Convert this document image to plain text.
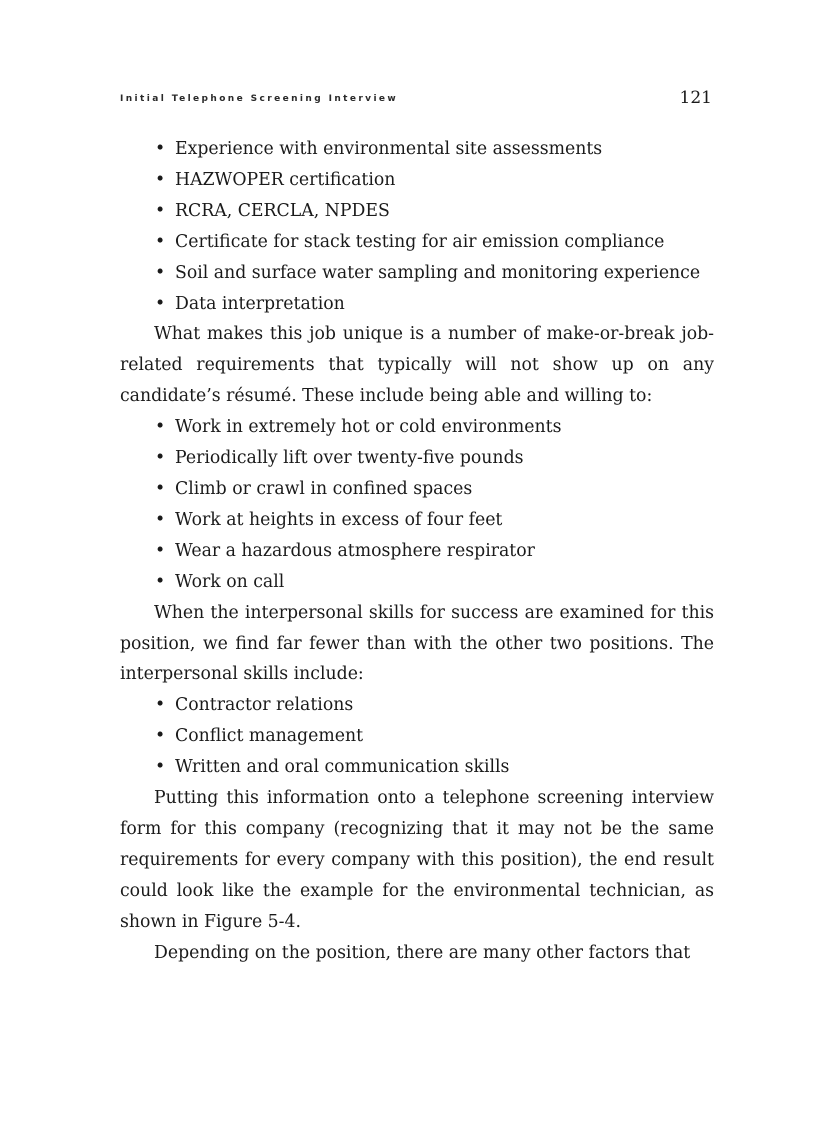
Initial Telephone Screening Interview	121
• Experience with environmental site assessments
• HAZWOPER certification
• RCRA, CERCLA, NPDES
• Certificate for stack testing for air emission compliance
• Soil and surface water sampling and monitoring experience
• Data interpretation

What makes this job unique is a number of make-or-break job-related requirements that typically will not show up on any candidate’s résumé. These include being able and willing to:

• Work in extremely hot or cold environments
• Periodically lift over twenty-five pounds
• Climb or crawl in confined spaces
• Work at heights in excess of four feet
• Wear a hazardous atmosphere respirator
• Work on call

When the interpersonal skills for success are examined for this position, we find far fewer than with the other two positions. The interpersonal skills include:

• Contractor relations
• Conflict management
• Written and oral communication skills

Putting this information onto a telephone screening interview form for this company (recognizing that it may not be the same requirements for every company with this position), the end result could look like the example for the environmental technician, as shown in Figure 5-4.

Depending on the position, there are many other factors that
